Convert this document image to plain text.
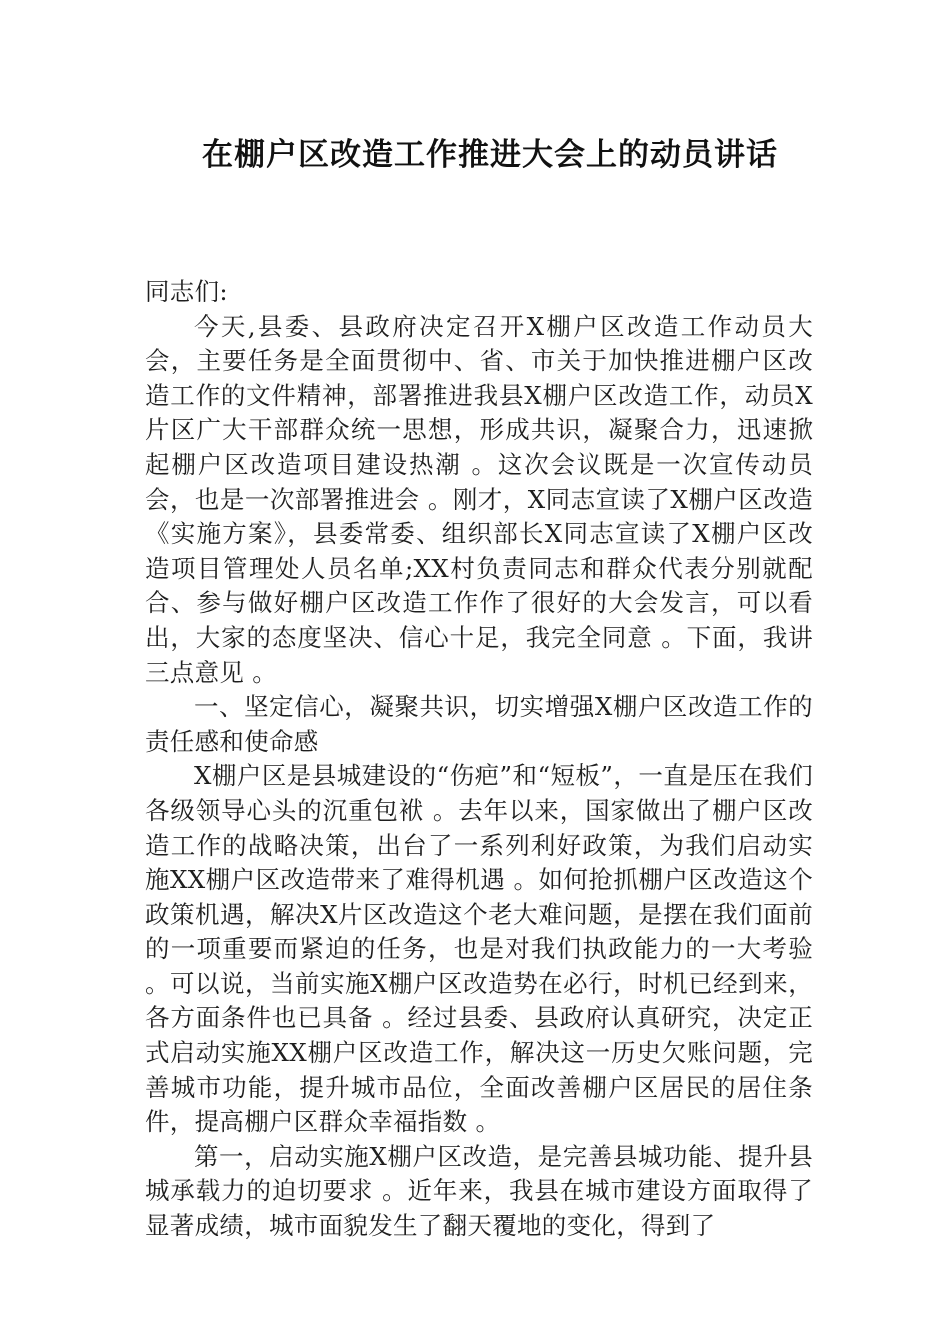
在棚户区改造工作推进大会上的动员讲话

同志们:

今天,县委、县政府决定召开X棚户区改造工作动员大会，主要任务是全面贯彻中、省、市关于加快推进棚户区改造工作的文件精神，部署推进我县X棚户区改造工作，动员X片区广大干部群众统一思想，形成共识，凝聚合力，迅速掀起棚户区改造项目建设热潮 。这次会议既是一次宣传动员会，也是一次部署推进会 。刚才，X同志宣读了X棚户区改造《实施方案》，县委常委、组织部长X同志宣读了X棚户区改造项目管理处人员名单;XX村负责同志和群众代表分别就配合、参与做好棚户区改造工作作了很好的大会发言，可以看出，大家的态度坚决、信心十足，我完全同意 。下面，我讲三点意见 。

一、坚定信心，凝聚共识，切实增强X棚户区改造工作的责任感和使命感

X棚户区是县城建设的“伤疤”和“短板”，一直是压在我们各级领导心头的沉重包袱 。去年以来，国家做出了棚户区改造工作的战略决策，出台了一系列利好政策，为我们启动实施XX棚户区改造带来了难得机遇 。如何抢抓棚户区改造这个政策机遇，解决X片区改造这个老大难问题，是摆在我们面前的一项重要而紧迫的任务，也是对我们执政能力的一大考验 。可以说，当前实施X棚户区改造势在必行，时机已经到来，各方面条件也已具备 。经过县委、县政府认真研究，决定正式启动实施XX棚户区改造工作，解决这一历史欠账问题，完善城市功能，提升城市品位，全面改善棚户区居民的居住条件，提高棚户区群众幸福指数 。

第一，启动实施X棚户区改造，是完善县城功能、提升县城承载力的迫切要求 。近年来，我县在城市建设方面取得了显著成绩，城市面貌发生了翻天覆地的变化，得到了
